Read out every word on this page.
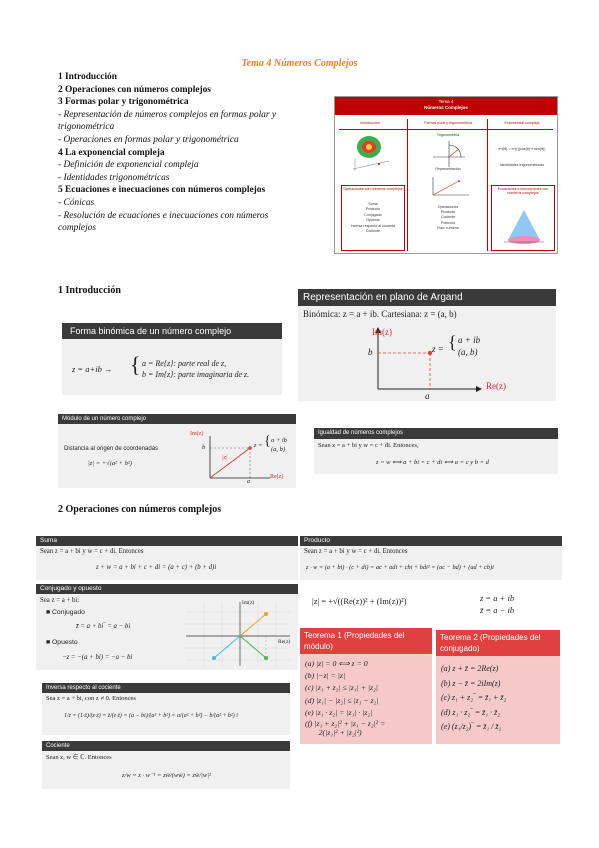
Tema 4 Números Complejos
1 Introducción
2 Operaciones con números complejos
3 Formas polar y trigonométrica
- Representación de números complejos en formas polar y trigonométrica
- Operaciones en formas polar y trigonométrica
4 La exponencial compleja
- Definición de exponencial compleja
- Identidades trigonométricas
5 Ecuaciones e inecuaciones con números complejos
- Cónicas
- Resolución de ecuaciones e inecuaciones con números complejos
Tema 4
Números Complejos
Introducción	Formas polar y trigonométrica	Exponencial compleja
Trigonometría
Representación
e^{iθ} = e^{r}(cos(θ)+i·sen(θ))
Identidades trigonométricas
Operaciones con números complejos
Suma
Producto
Conjugado
Opuesto
Inversa respecto al cociente
Cociente
Operaciones
Producto
Cociente
Potencia
Raíz n-ésima
Ecuaciones e inecuaciones con números complejos
1 Introducción
Representación en plano de Argand
Binómica: z = a + ib. Cartesiana: z = (a, b)
Im(z)
Re(z)
b
a
z = { a + ib
(a, b)
Forma binómica de un número complejo
z = a+ib → { a = Re{z}: parte real de z,
b = Im{z}: parte imaginaria de z.
Módulo de un número complejo
Distancia al origen de coordenadas
|z| = +√(a² + b²)
Im(z)
Re(z)
b
a
|z|
z = { a + ib
(a, b)
Igualdad de números complejos
Sean z = a + bi y w = c + di. Entonces,
z = w ⟺ a + bi = c + di ⟺ a = c y b = d
2 Operaciones con números complejos
Suma
Sean z = a + bi y w = c + di. Entonces
z + w = a + bi + c + di = (a + c) + (b + d)i
Producto
Sean z = a + bi y w = c + di. Entonces
z · w = (a + bi) · (c + di) = ac + adi + cbi + bdi² = (ac − bd) + (ad + cb)i
Conjugado y opuesto
Sea z = a + bi:
■ Conjugado
z̄ = a + bi‾ = a − bi
■ Opuesto
−z = −(a + bi) = −a − bi
Im(z)
Re(z)
|z| = +√((Re(z))² + (Im(z))²)	z = a + ib
z̄ = a − ib
Teorema 1 (Propiedades del módulo)
(a) |z| = 0 ⟺ z = 0
(b) |−z| = |z|
(c) |z₁ + z₂| ≤ |z₁| + |z₂|
(d) |z₁| − |z₂| ≤ |z₁ − z₂|
(e) |z₁ · z₂| = |z₁| · |z₂|
(f) |z₁ + z₂|² + |z₁ − z₂|² =
2(|z₁|² + |z₂|²)
Teorema 2 (Propiedades del conjugado)
(a) z + z̄ = 2Re(z)
(b) z − z̄ = 2iIm(z)
(c) z₁ + z₂‾ = z̄₁ + z̄₂
(d) z₁ · z₂‾ = z̄₁ · z̄₂
(e) (z₁/z₂)‾ = z̄₁ / z̄₂
Inversa respecto al cociente
Sea z = a + bi, con z ≠ 0. Entonces
1/z = (1·z̄)/(z·z̄) = z̄/(z·z̄) = (a − bi)/(a² + b²) = a/(a² + b²) − b/(a² + b²) i
Cociente
Sean z, w ∈ ℂ. Entonces
z/w = z · w⁻¹ = zw̄/(ww̄) = zw̄/|w|²
